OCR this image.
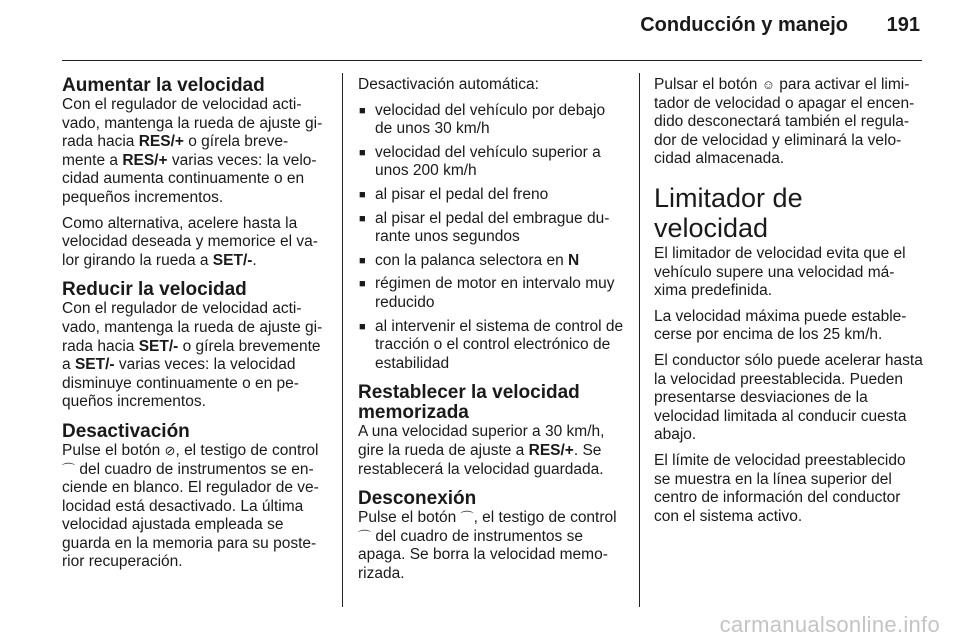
Conducción y manejo 191
Aumentar la velocidad

Con el regulador de velocidad acti-vado, mantenga la rueda de ajuste gi-rada hacia RES/+ o gírela breve-mente a RES/+ varias veces: la velo-cidad aumenta continuamente o en pequeños incrementos.

Como alternativa, acelere hasta la velocidad deseada y memorice el va-lor girando la rueda a SET/-.

Reducir la velocidad

Con el regulador de velocidad acti-vado, mantenga la rueda de ajuste gi-rada hacia SET/- o gírela brevemente a SET/- varias veces: la velocidad disminuye continuamente o en pe-queños incrementos.

Desactivación

Pulse el botón ⊘, el testigo de control ⌒ del cuadro de instrumentos se en-ciende en blanco. El regulador de ve-locidad está desactivado. La última velocidad ajustada empleada se guarda en la memoria para su poste-rior recuperación.

Desactivación automática:

■ velocidad del vehículo por debajo de unos 30 km/h
■ velocidad del vehículo superior a unos 200 km/h
■ al pisar el pedal del freno
■ al pisar el pedal del embrague du-rante unos segundos
■ con la palanca selectora en N
■ régimen de motor en intervalo muy reducido
■ al intervenir el sistema de control de tracción o el control electrónico de estabilidad
Restablecer la velocidad memorizada

A una velocidad superior a 30 km/h, gire la rueda de ajuste a RES/+. Se restablecerá la velocidad guardada.

Desconexión

Pulse el botón ⌒, el testigo de control ⌒ del cuadro de instrumentos se apaga. Se borra la velocidad memo-rizada.

Pulsar el botón ☺ para activar el limi-tador de velocidad o apagar el encen-dido desconectará también el regula-dor de velocidad y eliminará la velo-cidad almacenada.

Limitador de velocidad

El limitador de velocidad evita que el vehículo supere una velocidad má-xima predefinida.

La velocidad máxima puede estable-cerse por encima de los 25 km/h.

El conductor sólo puede acelerar hasta la velocidad preestablecida. Pueden presentarse desviaciones de la velocidad limitada al conducir cuesta abajo.

El límite de velocidad preestablecido se muestra en la línea superior del centro de información del conductor con el sistema activo.

carmanualsonline.info
